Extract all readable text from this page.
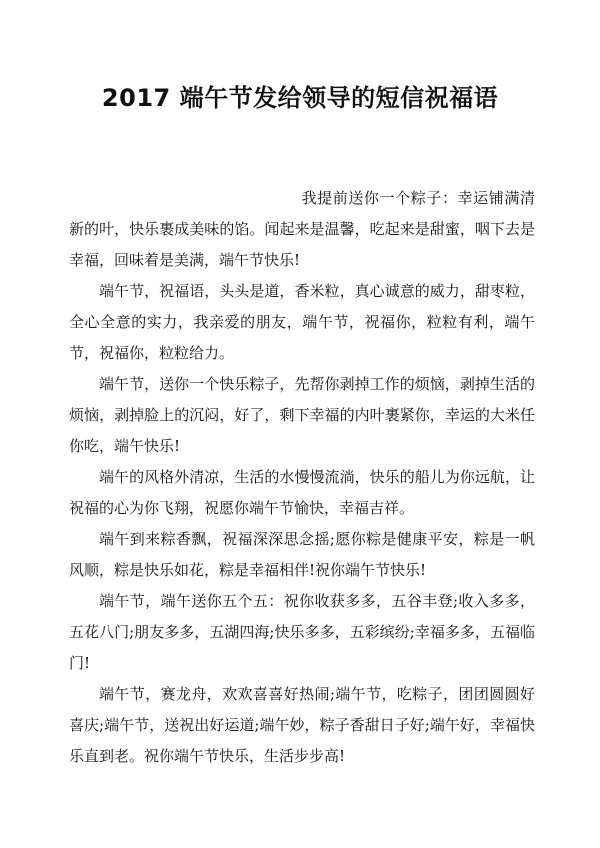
2017 端午节发给领导的短信祝福语

我提前送你一个粽子：幸运铺满清新的叶，快乐裹成美味的馅。闻起来是温馨，吃起来是甜蜜，咽下去是幸福，回味着是美满，端午节快乐!

端午节，祝福语，头头是道，香米粒，真心诚意的威力，甜枣粒，全心全意的实力，我亲爱的朋友，端午节，祝福你，粒粒有利，端午节，祝福你，粒粒给力。

端午节，送你一个快乐粽子，先帮你剥掉工作的烦恼，剥掉生活的烦恼，剥掉脸上的沉闷，好了，剩下幸福的内叶裹紧你，幸运的大米任你吃，端午快乐!

端午的风格外清凉，生活的水慢慢流淌，快乐的船儿为你远航，让祝福的心为你飞翔，祝愿你端午节愉快，幸福吉祥。

端午到来粽香飘，祝福深深思念摇;愿你粽是健康平安，粽是一帆风顺，粽是快乐如花，粽是幸福相伴!祝你端午节快乐!

端午节，端午送你五个五：祝你收获多多，五谷丰登;收入多多，五花八门;朋友多多，五湖四海;快乐多多，五彩缤纷;幸福多多，五福临门!

端午节，赛龙舟，欢欢喜喜好热闹;端午节，吃粽子，团团圆圆好喜庆;端午节，送祝出好运道;端午妙，粽子香甜日子好;端午好，幸福快乐直到老。祝你端午节快乐，生活步步高!
